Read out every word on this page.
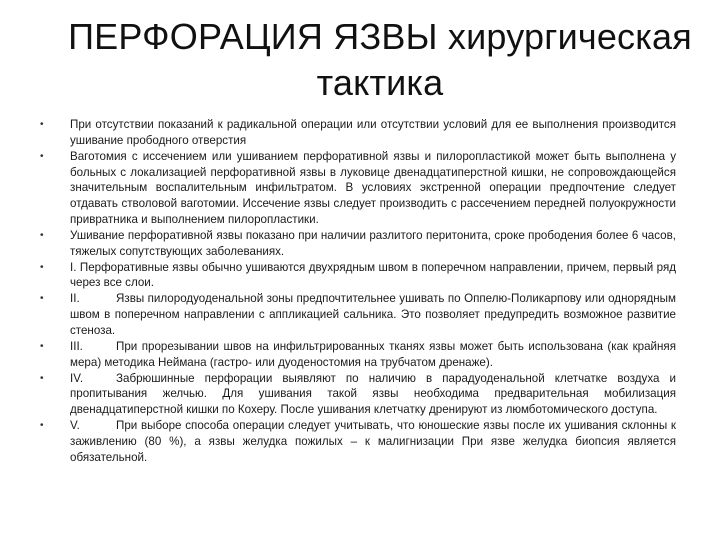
ПЕРФОРАЦИЯ ЯЗВЫ хирургическая тактика
• При отсутствии показаний к радикальной операции или отсутствии условий для ее выполнения производится ушивание прободного отверстия
• Ваготомия с иссечением или ушиванием перфоративной язвы и пилоропластикой может быть выполнена у больных с локализацией перфоративной язвы в луковице двенадцатиперстной кишки, не сопровождающейся значительным воспалительным инфильтратом. В условиях экстренной операции предпочтение следует отдавать стволовой ваготомии. Иссечение язвы следует производить с рассечением передней полуокружности привратника и выполнением пилоропластики.
• Ушивание перфоративной язвы показано при наличии разлитого перитонита, сроке прободения более 6 часов, тяжелых сопутствующих заболеваниях.
• I. Перфоративные язвы обычно ушиваются двухрядным швом в поперечном направлении, причем, первый ряд через все слои.
• II.	Язвы пилородуоденальной зоны предпочтительнее ушивать по Оппелю-Поликарпову или однорядным швом в поперечном направлении с аппликацией сальника. Это позволяет предупредить возможное развитие стеноза.
• III.	При прорезывании швов на инфильтрированных тканях язвы может быть использована (как крайняя мера) методика Неймана (гастро- или дуоденостомия на трубчатом дренаже).
• IV.	Забрюшинные перфорации выявляют по наличию в парадуоденальной клетчатке воздуха и пропитывания желчью. Для ушивания такой язвы необходима предварительная мобилизация двенадцатиперстной кишки по Кохеру. После ушивания клетчатку дренируют из люмботомического доступа.
• V.	При выборе способа операции следует учитывать, что юношеские язвы после их ушивания склонны к заживлению (80 %), а язвы желудка пожилых – к малигнизации При язве желудка биопсия является обязательной.
